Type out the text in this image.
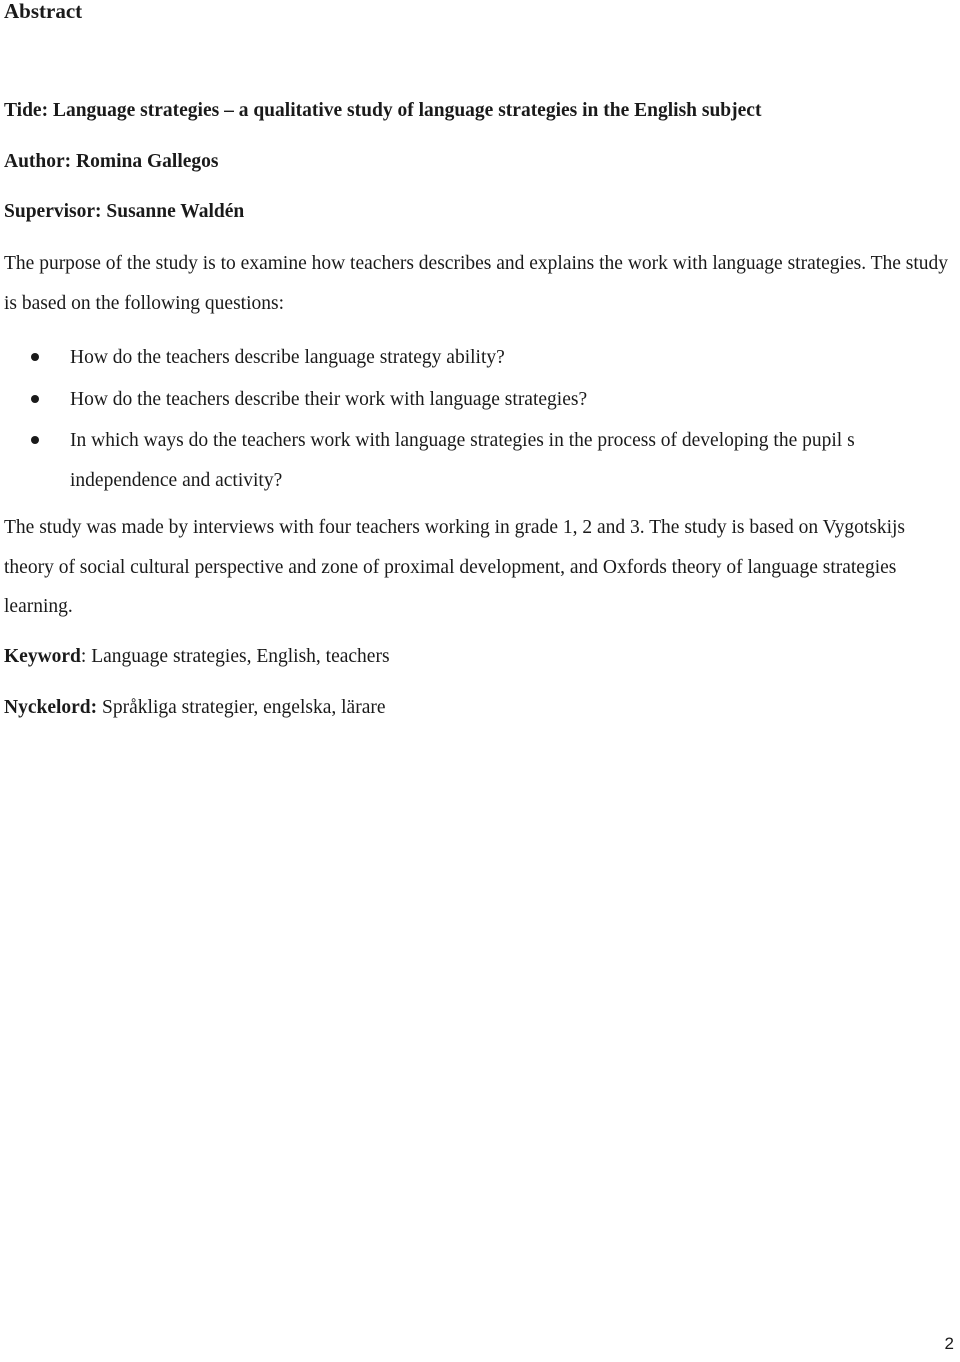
Abstract

Tide: Language strategies – a qualitative study of language strategies in the English subject

Author: Romina Gallegos

Supervisor: Susanne Waldén

The purpose of the study is to examine how teachers describes and explains the work with language strategies. The study is based on the following questions:

How do the teachers describe language strategy ability?
How do the teachers describe their work with language strategies?
In which ways do the teachers work with language strategies in the process of developing the pupil s independence and activity?

The study was made by interviews with four teachers working in grade 1, 2 and 3. The study is based on Vygotskijs theory of social cultural perspective and zone of proximal development, and Oxfords theory of language strategies learning.

Keyword: Language strategies, English, teachers

Nyckelord: Språkliga strategier, engelska, lärare

2
